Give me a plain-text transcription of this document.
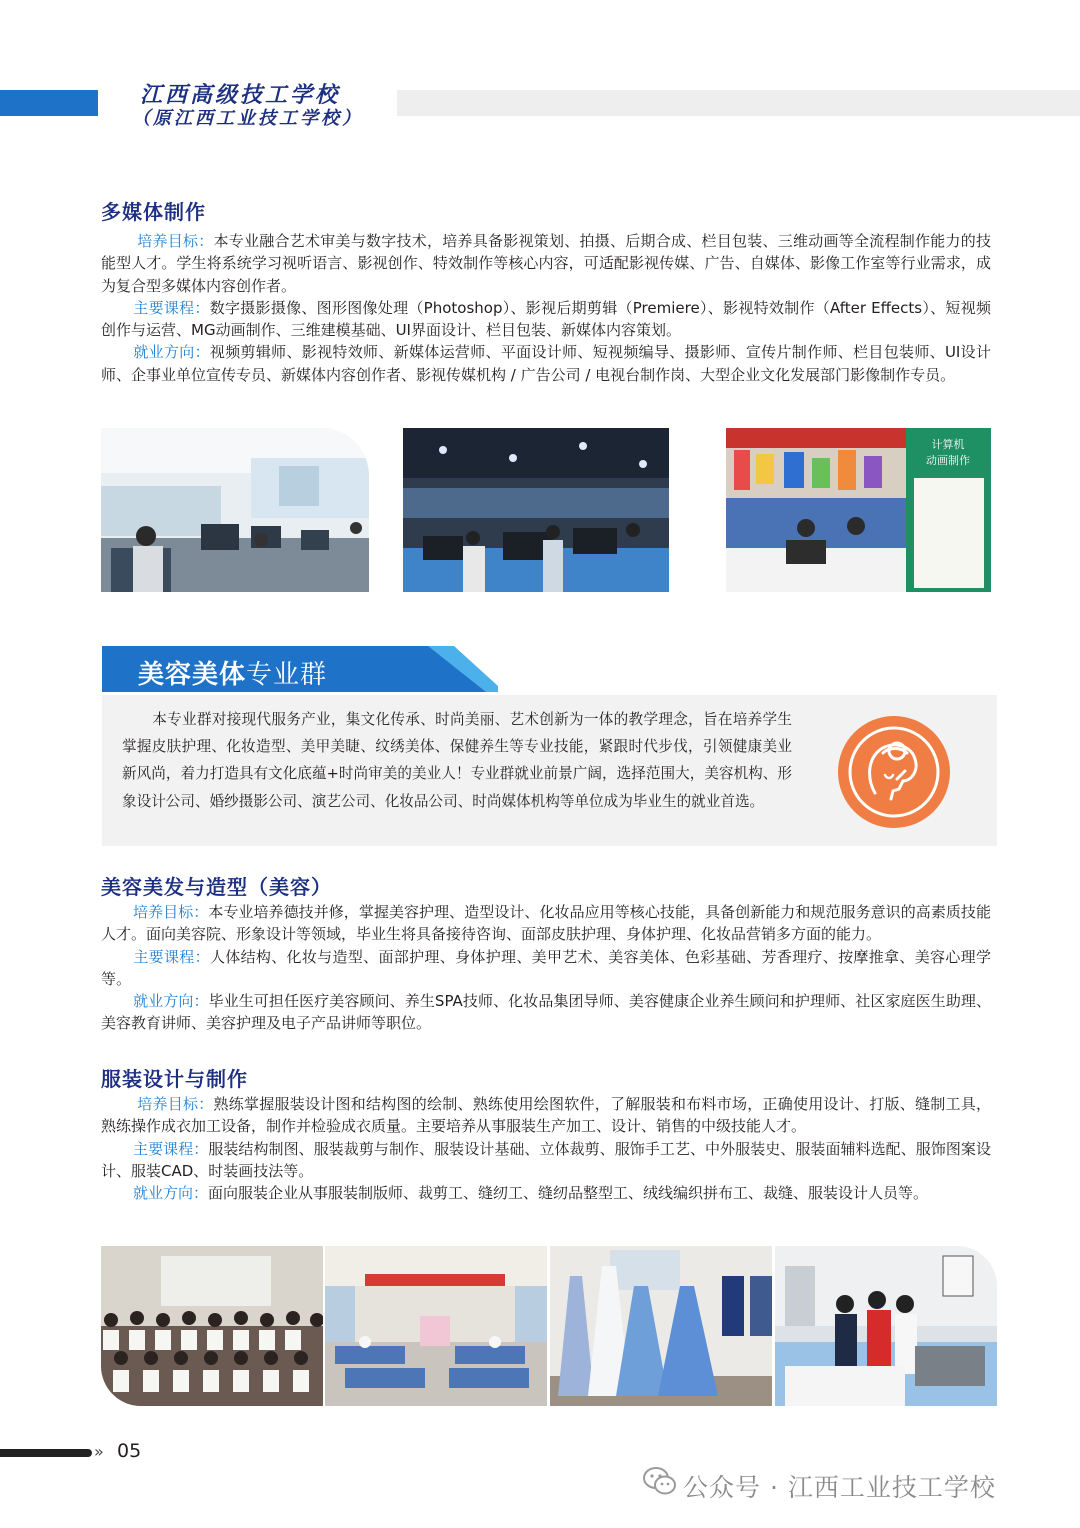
江西高级技工学校
（原江西工业技工学校）
多媒体制作
培养目标：本专业融合艺术审美与数字技术，培养具备影视策划、拍摄、后期合成、栏目包装、三维动画等全流程制作能力的技能型人才。学生将系统学习视听语言、影视创作、特效制作等核心内容，可适配影视传媒、广告、自媒体、影像工作室等行业需求，成为复合型多媒体内容创作者。
主要课程：数字摄影摄像、图形图像处理（Photoshop）、影视后期剪辑（Premiere）、影视特效制作（After Effects）、短视频创作与运营、MG动画制作、三维建模基础、UI界面设计、栏目包装、新媒体内容策划。
就业方向：视频剪辑师、影视特效师、新媒体运营师、平面设计师、短视频编导、摄影师、宣传片制作师、栏目包装师、UI设计师、企事业单位宣传专员、新媒体内容创作者、影视传媒机构 / 广告公司 / 电视台制作岗、大型企业文化发展部门影像制作专员。
计算机
动画制作
美容美体专业群
本专业群对接现代服务产业，集文化传承、时尚美丽、艺术创新为一体的教学理念，旨在培养学生掌握皮肤护理、化妆造型、美甲美睫、纹绣美体、保健养生等专业技能，紧跟时代步伐，引领健康美业新风尚，着力打造具有文化底蕴+时尚审美的美业人！专业群就业前景广阔，选择范围大，美容机构、形象设计公司、婚纱摄影公司、演艺公司、化妆品公司、时尚媒体机构等单位成为毕业生的就业首选。
美容美发与造型（美容）
培养目标：本专业培养德技并修，掌握美容护理、造型设计、化妆品应用等核心技能，具备创新能力和规范服务意识的高素质技能人才。面向美容院、形象设计等领域，毕业生将具备接待咨询、面部皮肤护理、身体护理、化妆品营销多方面的能力。
主要课程：人体结构、化妆与造型、面部护理、身体护理、美甲艺术、美容美体、色彩基础、芳香理疗、按摩推拿、美容心理学等。
就业方向：毕业生可担任医疗美容顾问、养生SPA技师、化妆品集团导师、美容健康企业养生顾问和护理师、社区家庭医生助理、美容教育讲师、美容护理及电子产品讲师等职位。
服装设计与制作
培养目标：熟练掌握服装设计图和结构图的绘制、熟练使用绘图软件，了解服装和布料市场，正确使用设计、打版、缝制工具，熟练操作成衣加工设备，制作并检验成衣质量。主要培养从事服装生产加工、设计、销售的中级技能人才。
主要课程：服装结构制图、服装裁剪与制作、服装设计基础、立体裁剪、服饰手工艺、中外服装史、服装面辅料选配、服饰图案设计、服装CAD、时装画技法等。
就业方向：面向服装企业从事服装制版师、裁剪工、缝纫工、缝纫品整型工、绒线编织拼布工、裁缝、服装设计人员等。
» 05
公众号 · 江西工业技工学校
